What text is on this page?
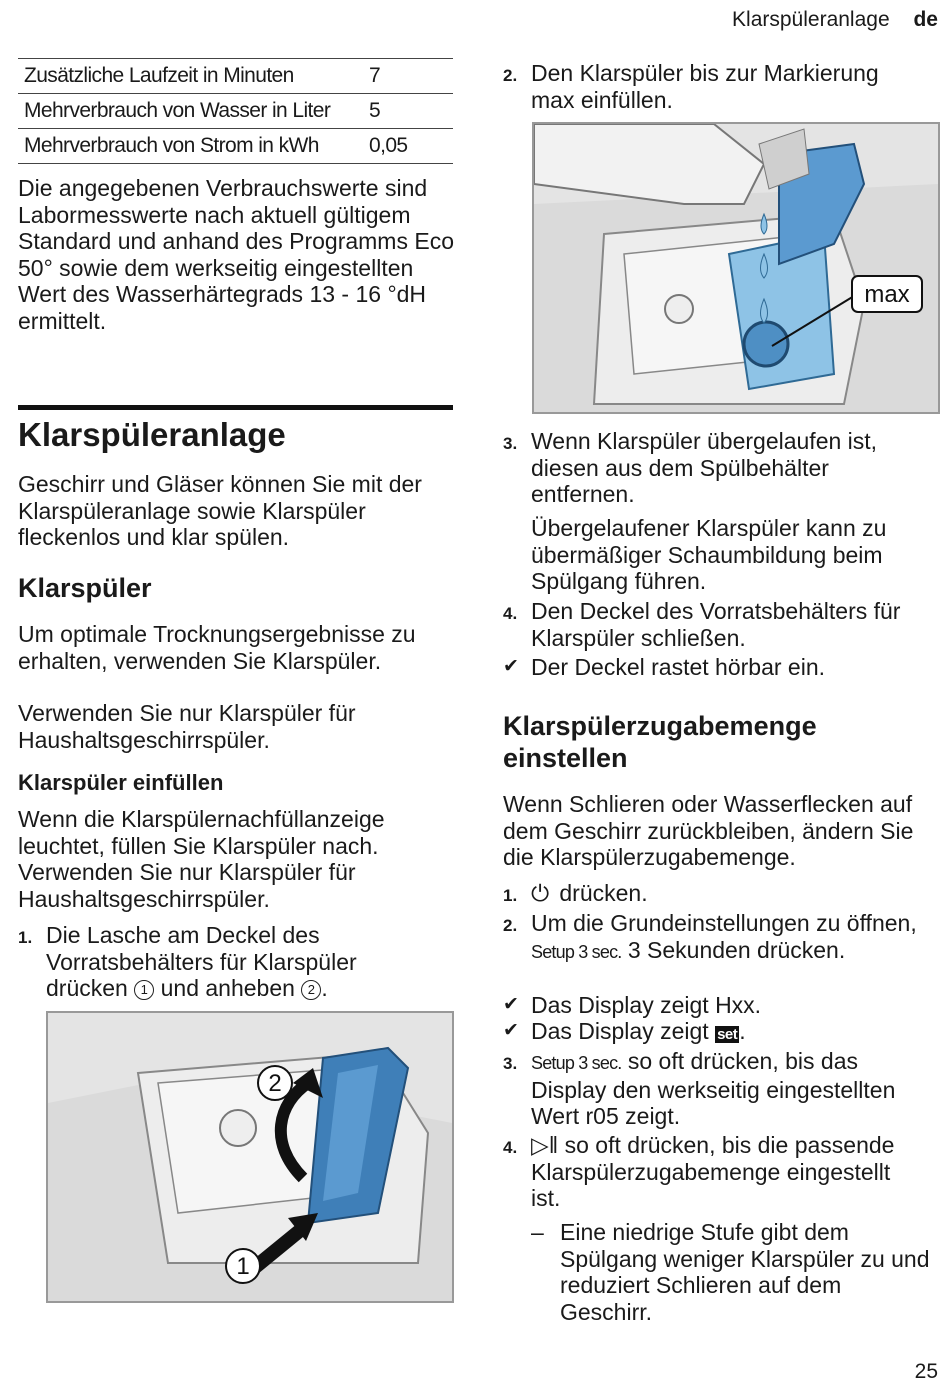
Klarspüleranlage de
Zusätzliche Laufzeit in Minuten	7
Mehrverbrauch von Wasser in Liter	5
Mehrverbrauch von Strom in kWh	0,05

Die angegebenen Verbrauchswerte sind Labormesswerte nach aktuell gültigem Standard und anhand des Programms Eco 50° sowie dem werkseitig eingestellten Wert des Wasserhärtegrads 13 - 16 °dH ermittelt.

Klarspüleranlage

Geschirr und Gläser können Sie mit der Klarspüleranlage sowie Klarspüler fleckenlos und klar spülen.

Klarspüler

Um optimale Trocknungsergebnisse zu erhalten, verwenden Sie Klarspüler.

Verwenden Sie nur Klarspüler für Haushaltsgeschirrspüler.

Klarspüler einfüllen

Wenn die Klarspülernachfüllanzeige leuchtet, füllen Sie Klarspüler nach.

Verwenden Sie nur Klarspüler für Haushaltsgeschirrspüler.

1. Die Lasche am Deckel des Vorratsbehälters für Klarspüler drücken 1 und anheben 2 .
2
1
2. Den Klarspüler bis zur Markierung max einfüllen.
max
3. Wenn Klarspüler übergelaufen ist, diesen aus dem Spülbehälter entfernen.

Übergelaufener Klarspüler kann zu übermäßiger Schaumbildung beim Spülgang führen.

4. Den Deckel des Vorratsbehälters für Klarspüler schließen.
✔ Der Deckel rastet hörbar ein.
Klarspülerzugabemenge einstellen

Wenn Schlieren oder Wasserflecken auf dem Geschirr zurückbleiben, ändern Sie die Klarspülerzugabemenge.

1. ⏻ drücken.
2. Um die Grundeinstellungen zu öffnen, Setup 3 sec. 3 Sekunden drücken.
✔ Das Display zeigt Hxx.
✔ Das Display zeigt set.
3. Setup 3 sec. so oft drücken, bis das Display den werkseitig eingestellten Wert r05 zeigt.
4. ▷‖ so oft drücken, bis die passende Klarspülerzugabemenge eingestellt ist.
– Eine niedrige Stufe gibt dem Spülgang weniger Klarspüler zu und reduziert Schlieren auf dem Geschirr.
25
